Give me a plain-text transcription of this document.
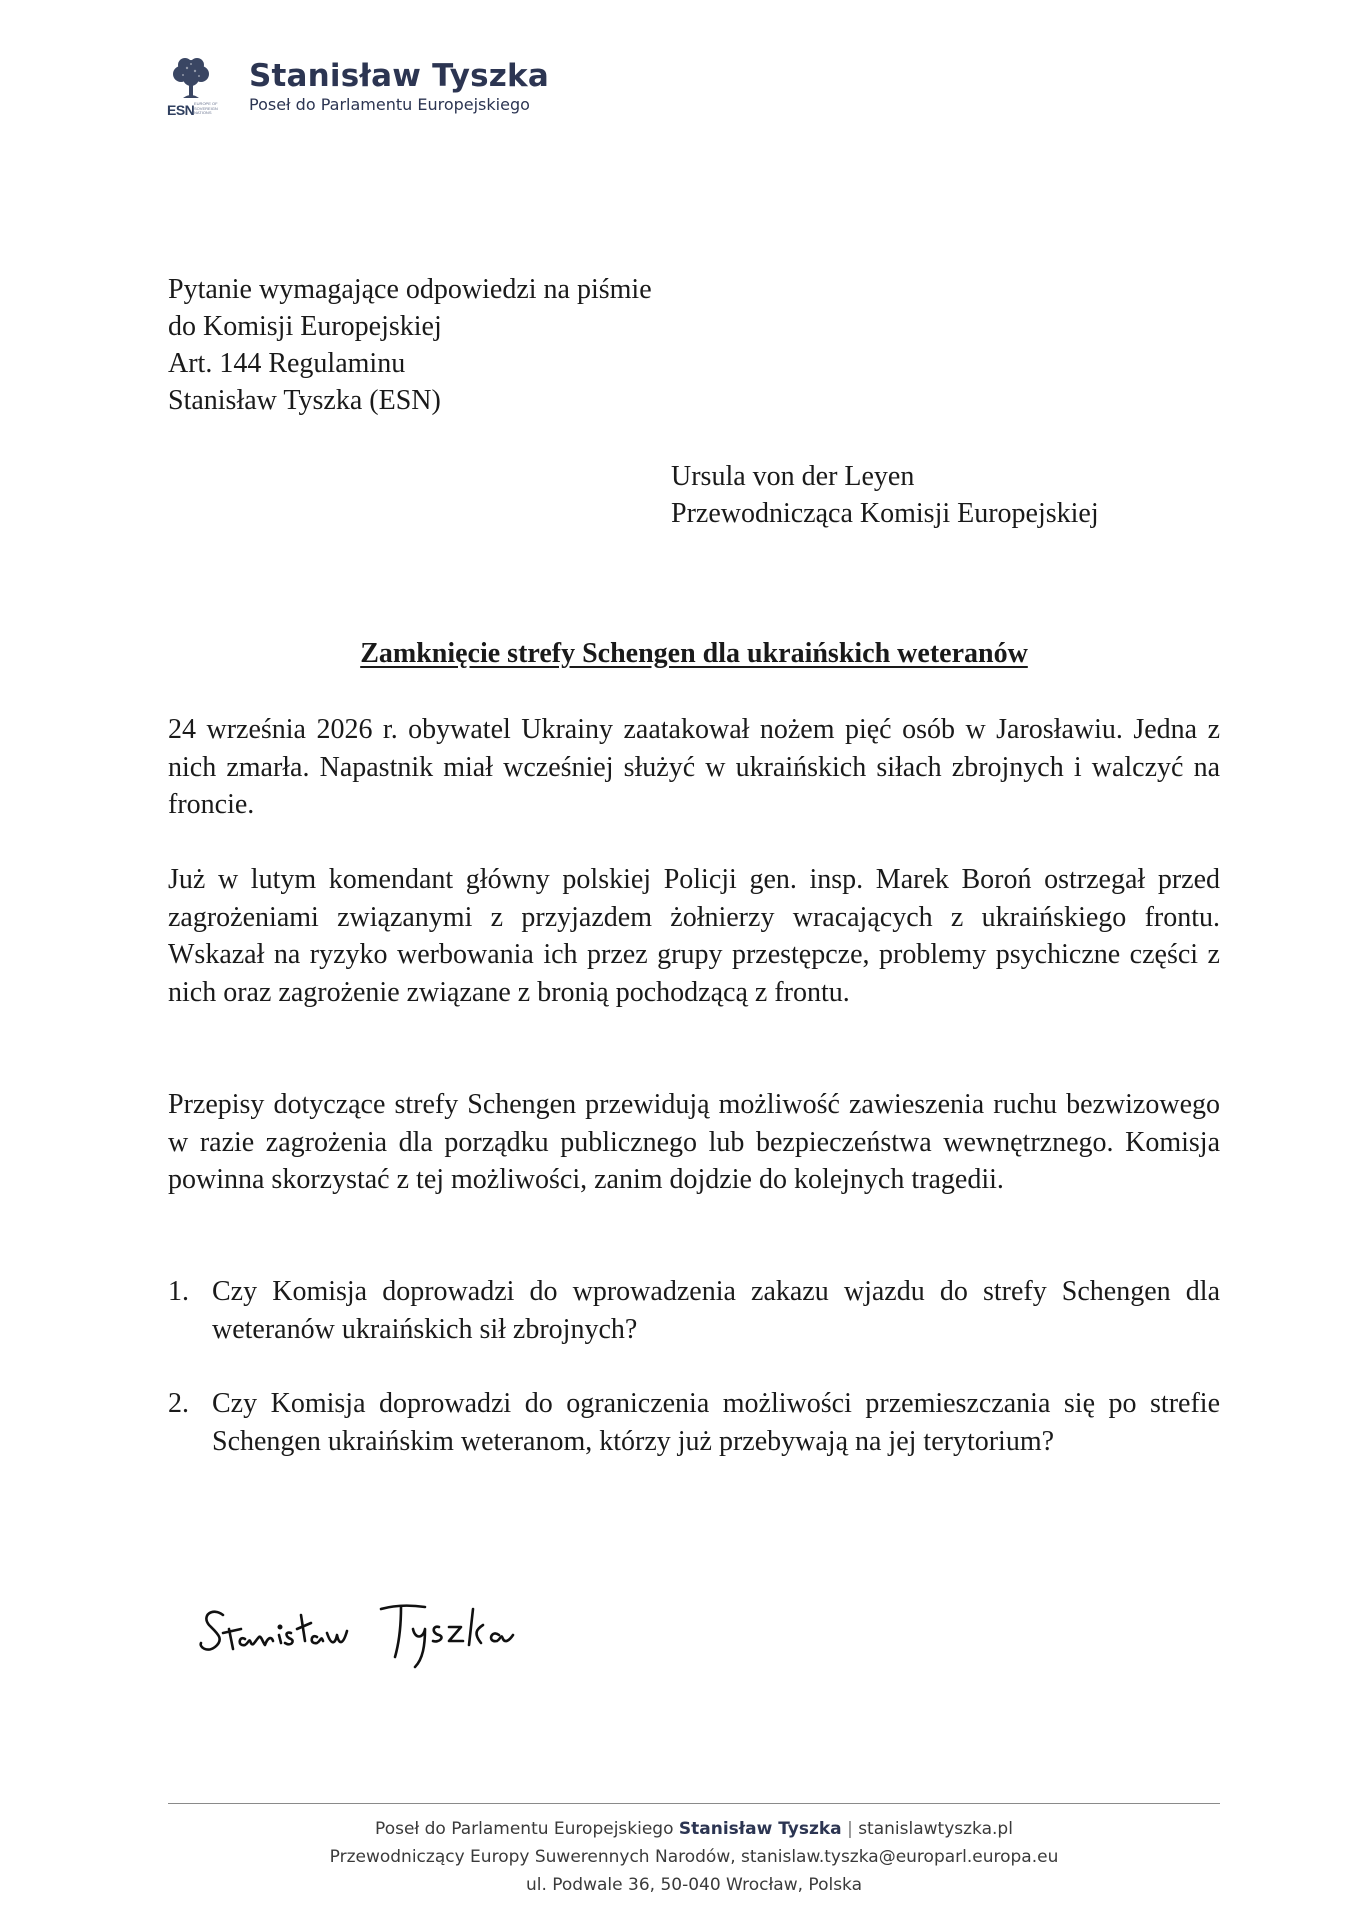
ESN EUROPE OF SOVEREIGN NATIONS
Stanisław Tyszka
Poseł do Parlamentu Europejskiego

Pytanie wymagające odpowiedzi na piśmie

do Komisji Europejskiej

Art. 144 Regulaminu

Stanisław Tyszka (ESN)

Ursula von der Leyen

Przewodnicząca Komisji Europejskiej

Zamknięcie strefy Schengen dla ukraińskich weteranów

24 września 2026 r. obywatel Ukrainy zaatakował nożem pięć osób w Jarosławiu. Jedna z nich zmarła. Napastnik miał wcześniej służyć w ukraińskich siłach zbrojnych i walczyć na froncie.

Już w lutym komendant główny polskiej Policji gen. insp. Marek Boroń ostrzegał przed zagrożeniami związanymi z przyjazdem żołnierzy wracających z ukraińskiego frontu. Wskazał na ryzyko werbowania ich przez grupy przestępcze, problemy psychiczne części z nich oraz zagrożenie związane z bronią pochodzącą z frontu.

Przepisy dotyczące strefy Schengen przewidują możliwość zawieszenia ruchu bezwizowego w razie zagrożenia dla porządku publicznego lub bezpieczeństwa wewnętrznego. Komisja powinna skorzystać z tej możliwości, zanim dojdzie do kolejnych tragedii.

1. Czy Komisja doprowadzi do wprowadzenia zakazu wjazdu do strefy Schengen dla weteranów ukraińskich sił zbrojnych?
2. Czy Komisja doprowadzi do ograniczenia możliwości przemieszczania się po strefie Schengen ukraińskim weteranom, którzy już przebywają na jej terytorium?

Poseł do Parlamentu Europejskiego Stanisław Tyszka | stanislawtyszka.pl

Przewodniczący Europy Suwerennych Narodów, stanislaw.tyszka@europarl.europa.eu

ul. Podwale 36, 50-040 Wrocław, Polska
